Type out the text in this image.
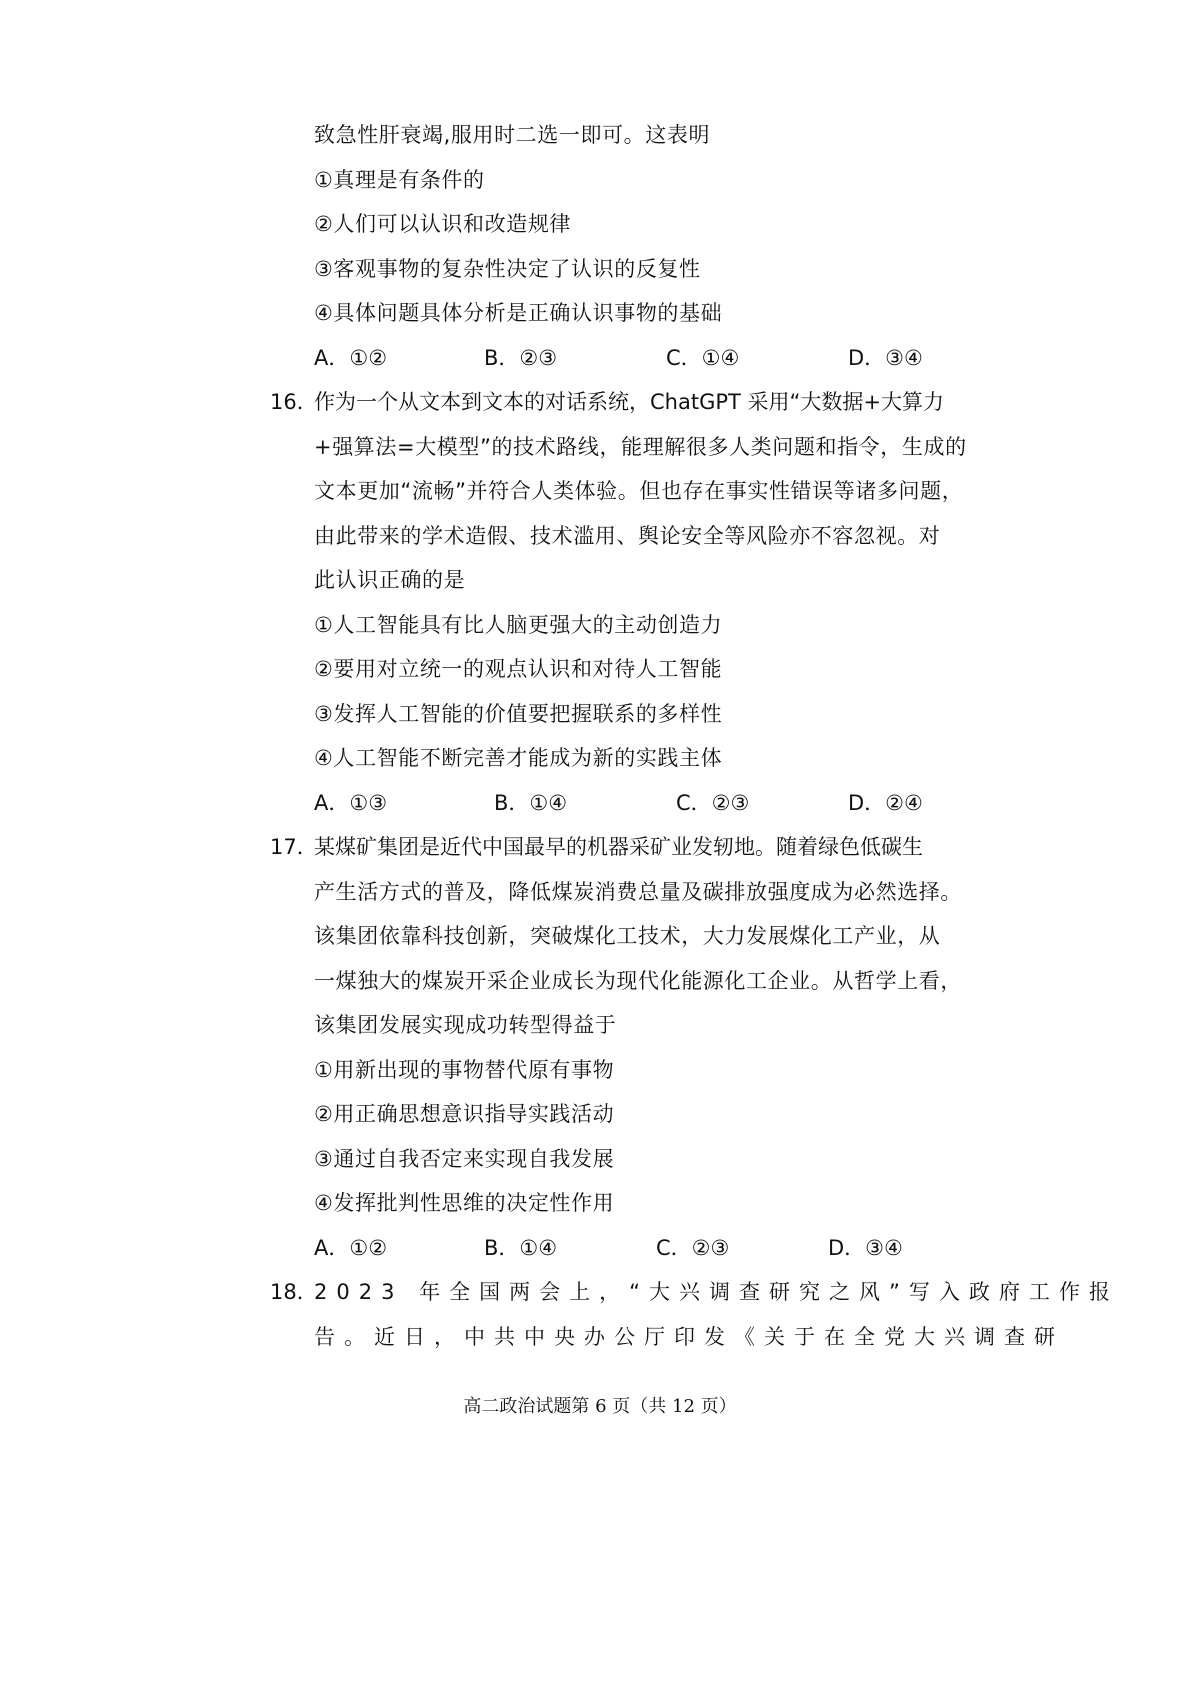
致急性肝衰竭,服用时二选一即可。这表明
①真理是有条件的
②人们可以认识和改造规律
③客观事物的复杂性决定了认识的反复性
④具体问题具体分析是正确认识事物的基础
A．①②	B．②③	C．①④	D．③④
16．作为一个从文本到文本的对话系统，ChatGPT 采用“大数据+大算力
+强算法=大模型”的技术路线，能理解很多人类问题和指令，生成的
文本更加“流畅”并符合人类体验。但也存在事实性错误等诸多问题，
由此带来的学术造假、技术滥用、舆论安全等风险亦不容忽视。对
此认识正确的是
①人工智能具有比人脑更强大的主动创造力
②要用对立统一的观点认识和对待人工智能
③发挥人工智能的价值要把握联系的多样性
④人工智能不断完善才能成为新的实践主体
A．①③	B．①④	C．②③	D．②④
17．某煤矿集团是近代中国最早的机器采矿业发轫地。随着绿色低碳生
产生活方式的普及，降低煤炭消费总量及碳排放强度成为必然选择。
该集团依靠科技创新，突破煤化工技术，大力发展煤化工产业，从
一煤独大的煤炭开采企业成长为现代化能源化工企业。从哲学上看，
该集团发展实现成功转型得益于
①用新出现的事物替代原有事物
②用正确思想意识指导实践活动
③通过自我否定来实现自我发展
④发挥批判性思维的决定性作用
A．①②	B．①④	C．②③	D．③④
18．2023 年全国两会上，“大兴调查研究之风”写入政府工作报
告。近日，中共中央办公厅印发《关于在全党大兴调查研
高二政治试题第 6 页（共 12 页）
